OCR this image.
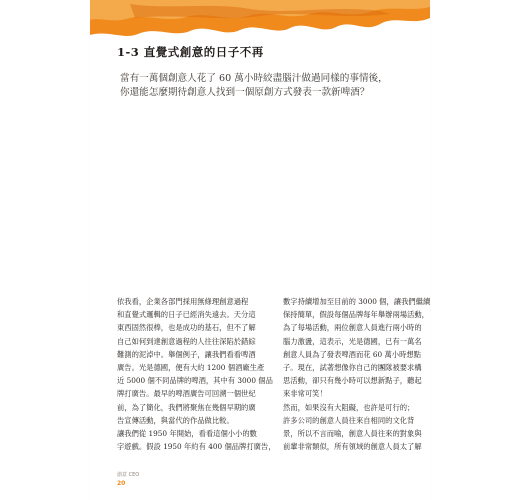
1-3 直覺式創意的日子不再

當有一萬個創意人花了 60 萬小時絞盡腦汁做過同樣的事情後，

你還能怎麼期待創意人找到一個原創方式發表一款新啤酒？

依我看，企業各部門採用無條理創意過程

和直覺式邏輯的日子已經消失遠去。天分這

東西固然很棒，也是成功的基石，但不了解

自己如何到達創意過程的人往往深陷於錯綜

難測的泥淖中。舉個例子，讓我們看看啤酒

廣告。光是德國，便有大約 1200 個酒廠生產

近 5000 個不同品牌的啤酒，其中有 3000 個品

牌打廣告。最早的啤酒廣告可回溯一個世紀

前，為了簡化，我們將聚焦在幾個早期的廣

告宣傳活動，與當代的作品做比較。

讓我們從 1950 年開始，看看這個小小的數

字遊戲。假設 1950 年約有 400 個品牌打廣告，

數字持續增加至目前的 3000 個，讓我們繼續

保持簡單，假設每個品牌每年舉辦兩場活動，

為了每場活動，兩位創意人員進行兩小時的

腦力激盪，這表示，光是德國，已有一萬名

創意人員為了發表啤酒而花 60 萬小時想點

子。現在，試著想像你自己的團隊被要求構

思活動，卻只有幾小時可以想新點子，聽起

來非常可笑！

然而，如果沒有大阻礙，也許是可行的；

許多公司的創意人員往來自相同的文化背

景，所以不言而喻，創意人員往來的對象與

前輩非常類似，所有領域的創意人員太了解

創意 CEO
20
